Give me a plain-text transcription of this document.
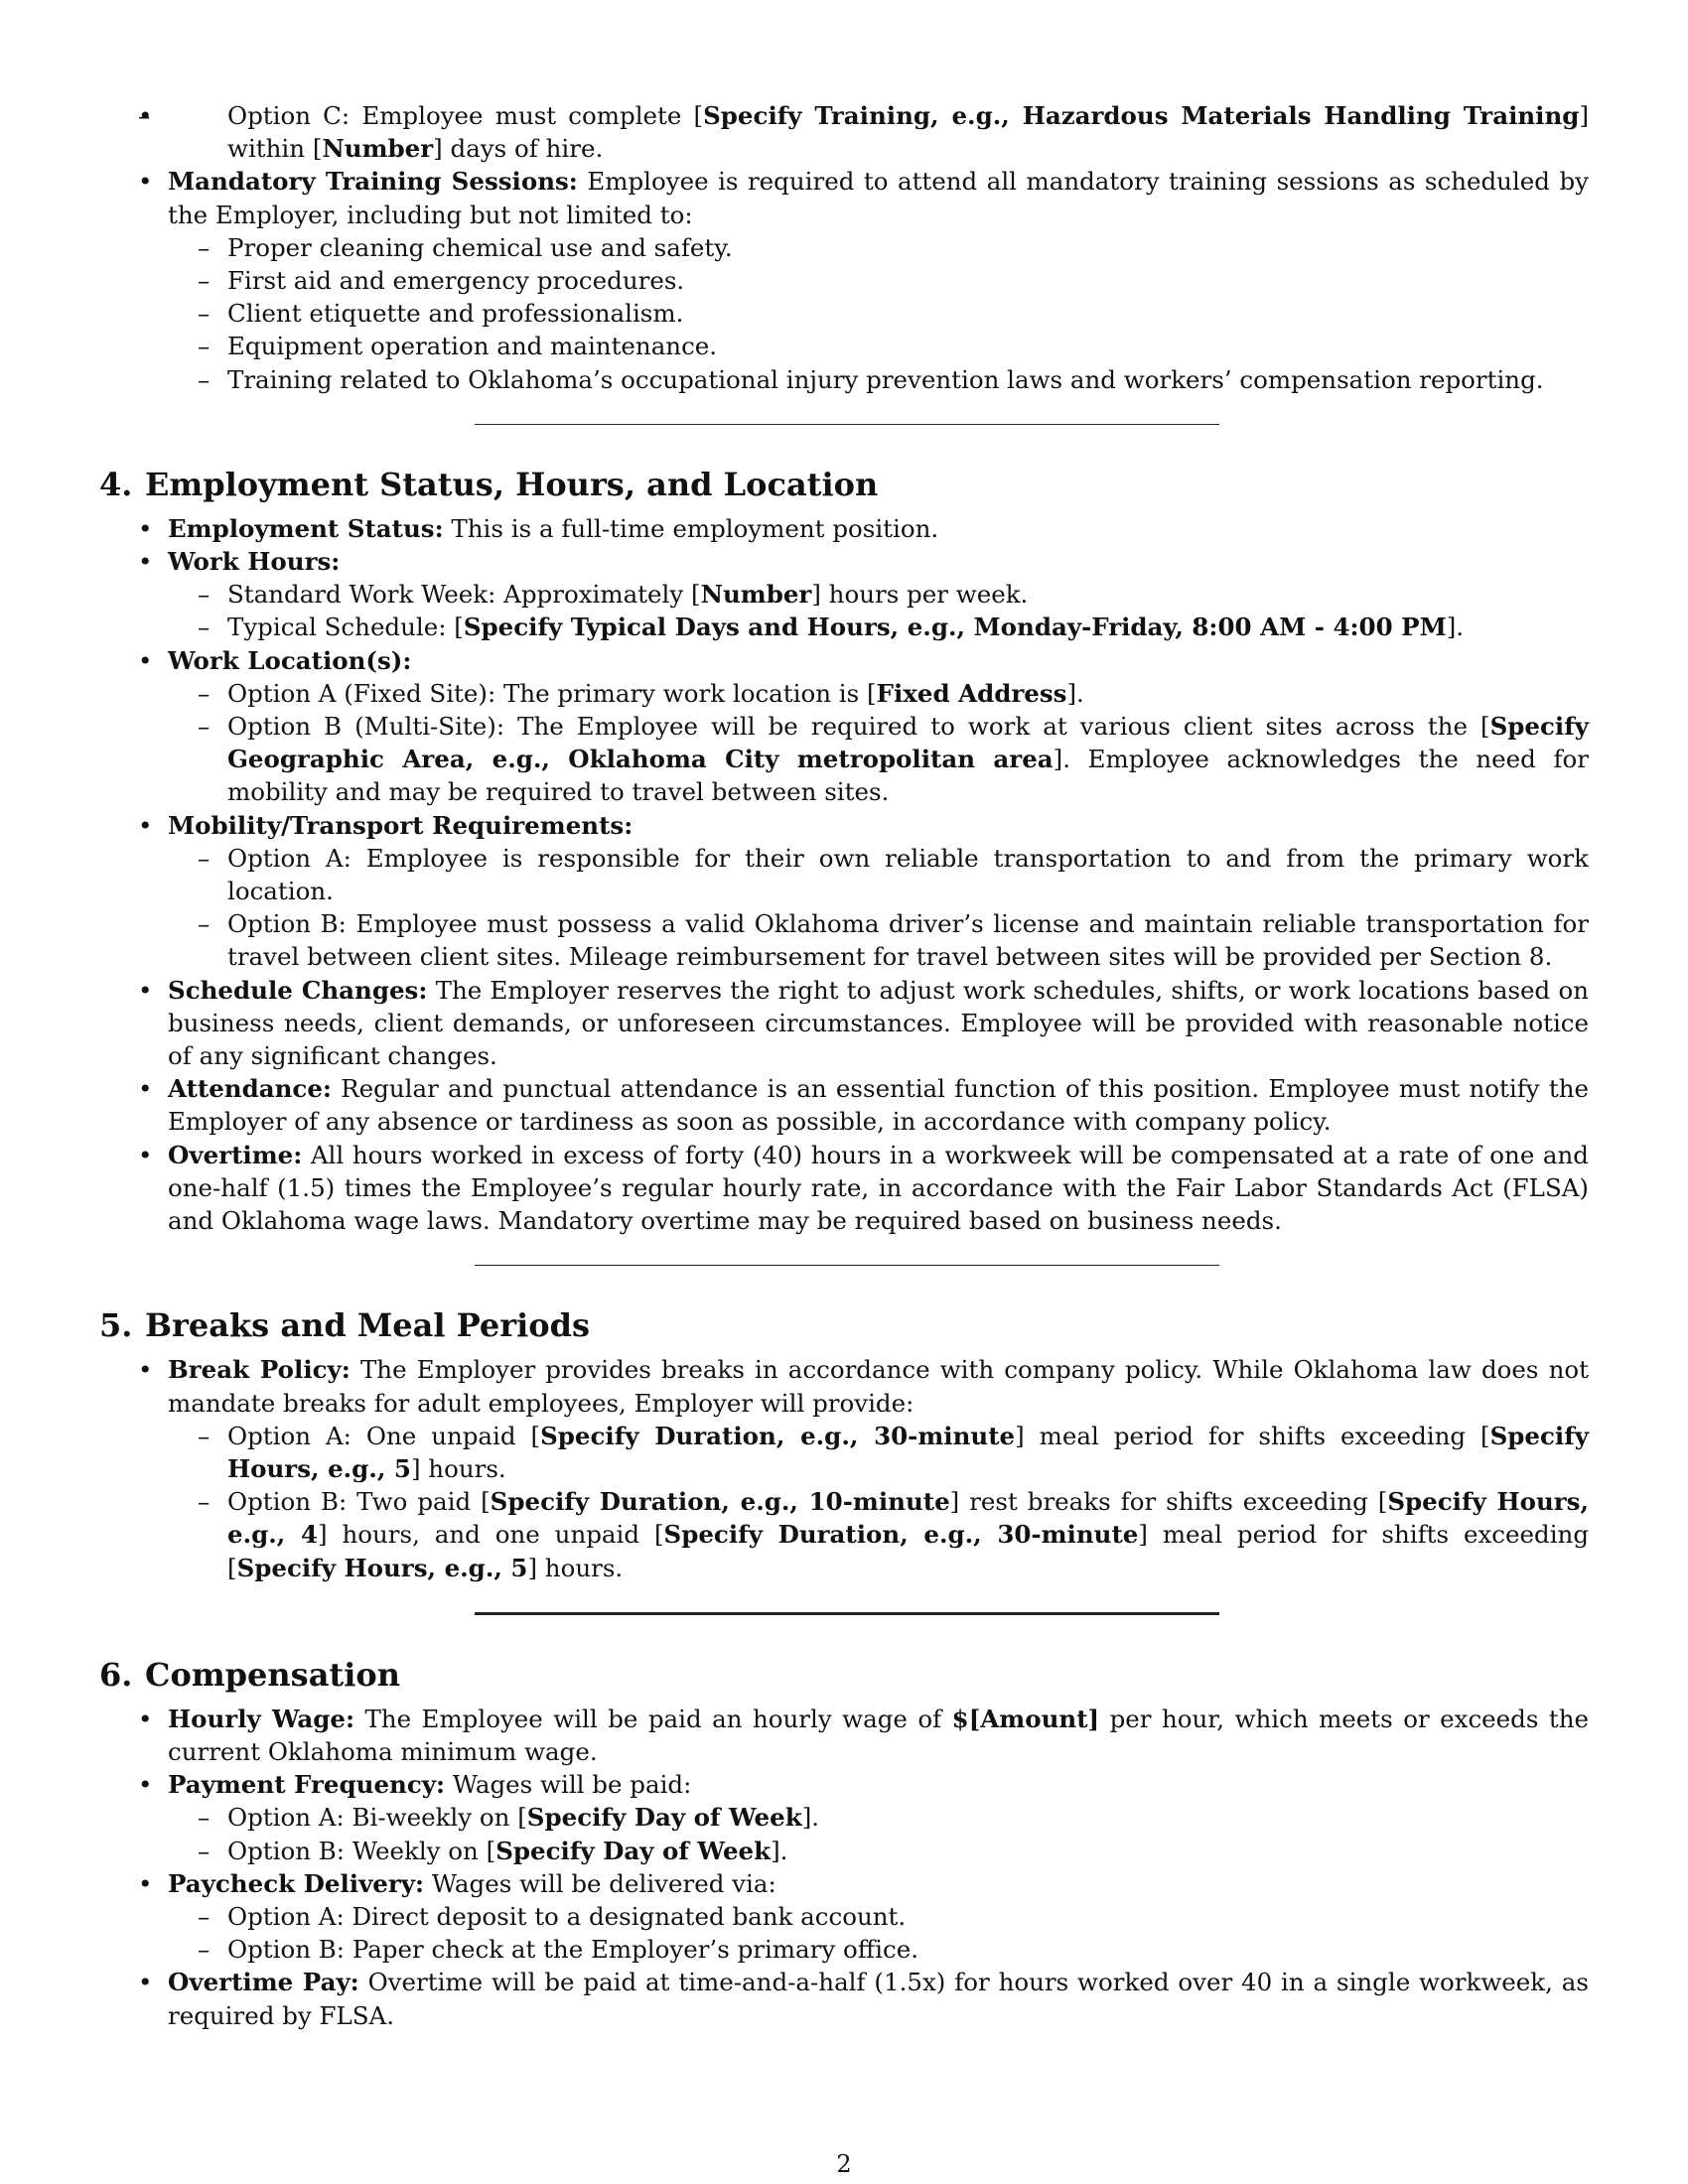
– • Option C: Employee must complete [Specify Training, e.g., Hazardous Materials Handling Training] within [Number] days of hire.
• Mandatory Training Sessions: Employee is required to attend all mandatory training sessions as scheduled by the Employer, including but not limited to:
– Proper cleaning chemical use and safety.
– First aid and emergency procedures.
– Client etiquette and professionalism.
– Equipment operation and maintenance.
– Training related to Oklahoma’s occupational injury prevention laws and workers’ compensation reporting.
4. Employment Status, Hours, and Location
• Employment Status: This is a full-time employment position.
• Work Hours:
– Standard Work Week: Approximately [Number] hours per week.
– Typical Schedule: [Specify Typical Days and Hours, e.g., Monday-Friday, 8:00 AM - 4:00 PM].
• Work Location(s):
– Option A (Fixed Site): The primary work location is [Fixed Address].
– Option B (Multi-Site): The Employee will be required to work at various client sites across the [Specify Geographic Area, e.g., Oklahoma City metropolitan area]. Employee acknowledges the need for mobility and may be required to travel between sites.
• Mobility/Transport Requirements:
– Option A: Employee is responsible for their own reliable transportation to and from the primary work location.
– Option B: Employee must possess a valid Oklahoma driver’s license and maintain reliable transportation for travel between client sites. Mileage reimbursement for travel between sites will be provided per Section 8.
• Schedule Changes: The Employer reserves the right to adjust work schedules, shifts, or work locations based on business needs, client demands, or unforeseen circumstances. Employee will be provided with reasonable notice of any significant changes.
• Attendance: Regular and punctual attendance is an essential function of this position. Employee must notify the Employer of any absence or tardiness as soon as possible, in accordance with company policy.
• Overtime: All hours worked in excess of forty (40) hours in a workweek will be compensated at a rate of one and one-half (1.5) times the Employee’s regular hourly rate, in accordance with the Fair Labor Standards Act (FLSA) and Oklahoma wage laws. Mandatory overtime may be required based on business needs.
5. Breaks and Meal Periods
• Break Policy: The Employer provides breaks in accordance with company policy. While Oklahoma law does not mandate breaks for adult employees, Employer will provide:
– Option A: One unpaid [Specify Duration, e.g., 30-minute] meal period for shifts exceeding [Specify Hours, e.g., 5] hours.
– Option B: Two paid [Specify Duration, e.g., 10-minute] rest breaks for shifts exceeding [Specify Hours, e.g., 4] hours, and one unpaid [Specify Duration, e.g., 30-minute] meal period for shifts exceeding [Specify Hours, e.g., 5] hours.
6. Compensation
• Hourly Wage: The Employee will be paid an hourly wage of $[Amount] per hour, which meets or exceeds the current Oklahoma minimum wage.
• Payment Frequency: Wages will be paid:
– Option A: Bi-weekly on [Specify Day of Week].
– Option B: Weekly on [Specify Day of Week].
• Paycheck Delivery: Wages will be delivered via:
– Option A: Direct deposit to a designated bank account.
– Option B: Paper check at the Employer’s primary office.
• Overtime Pay: Overtime will be paid at time-and-a-half (1.5x) for hours worked over 40 in a single workweek, as required by FLSA.
2
